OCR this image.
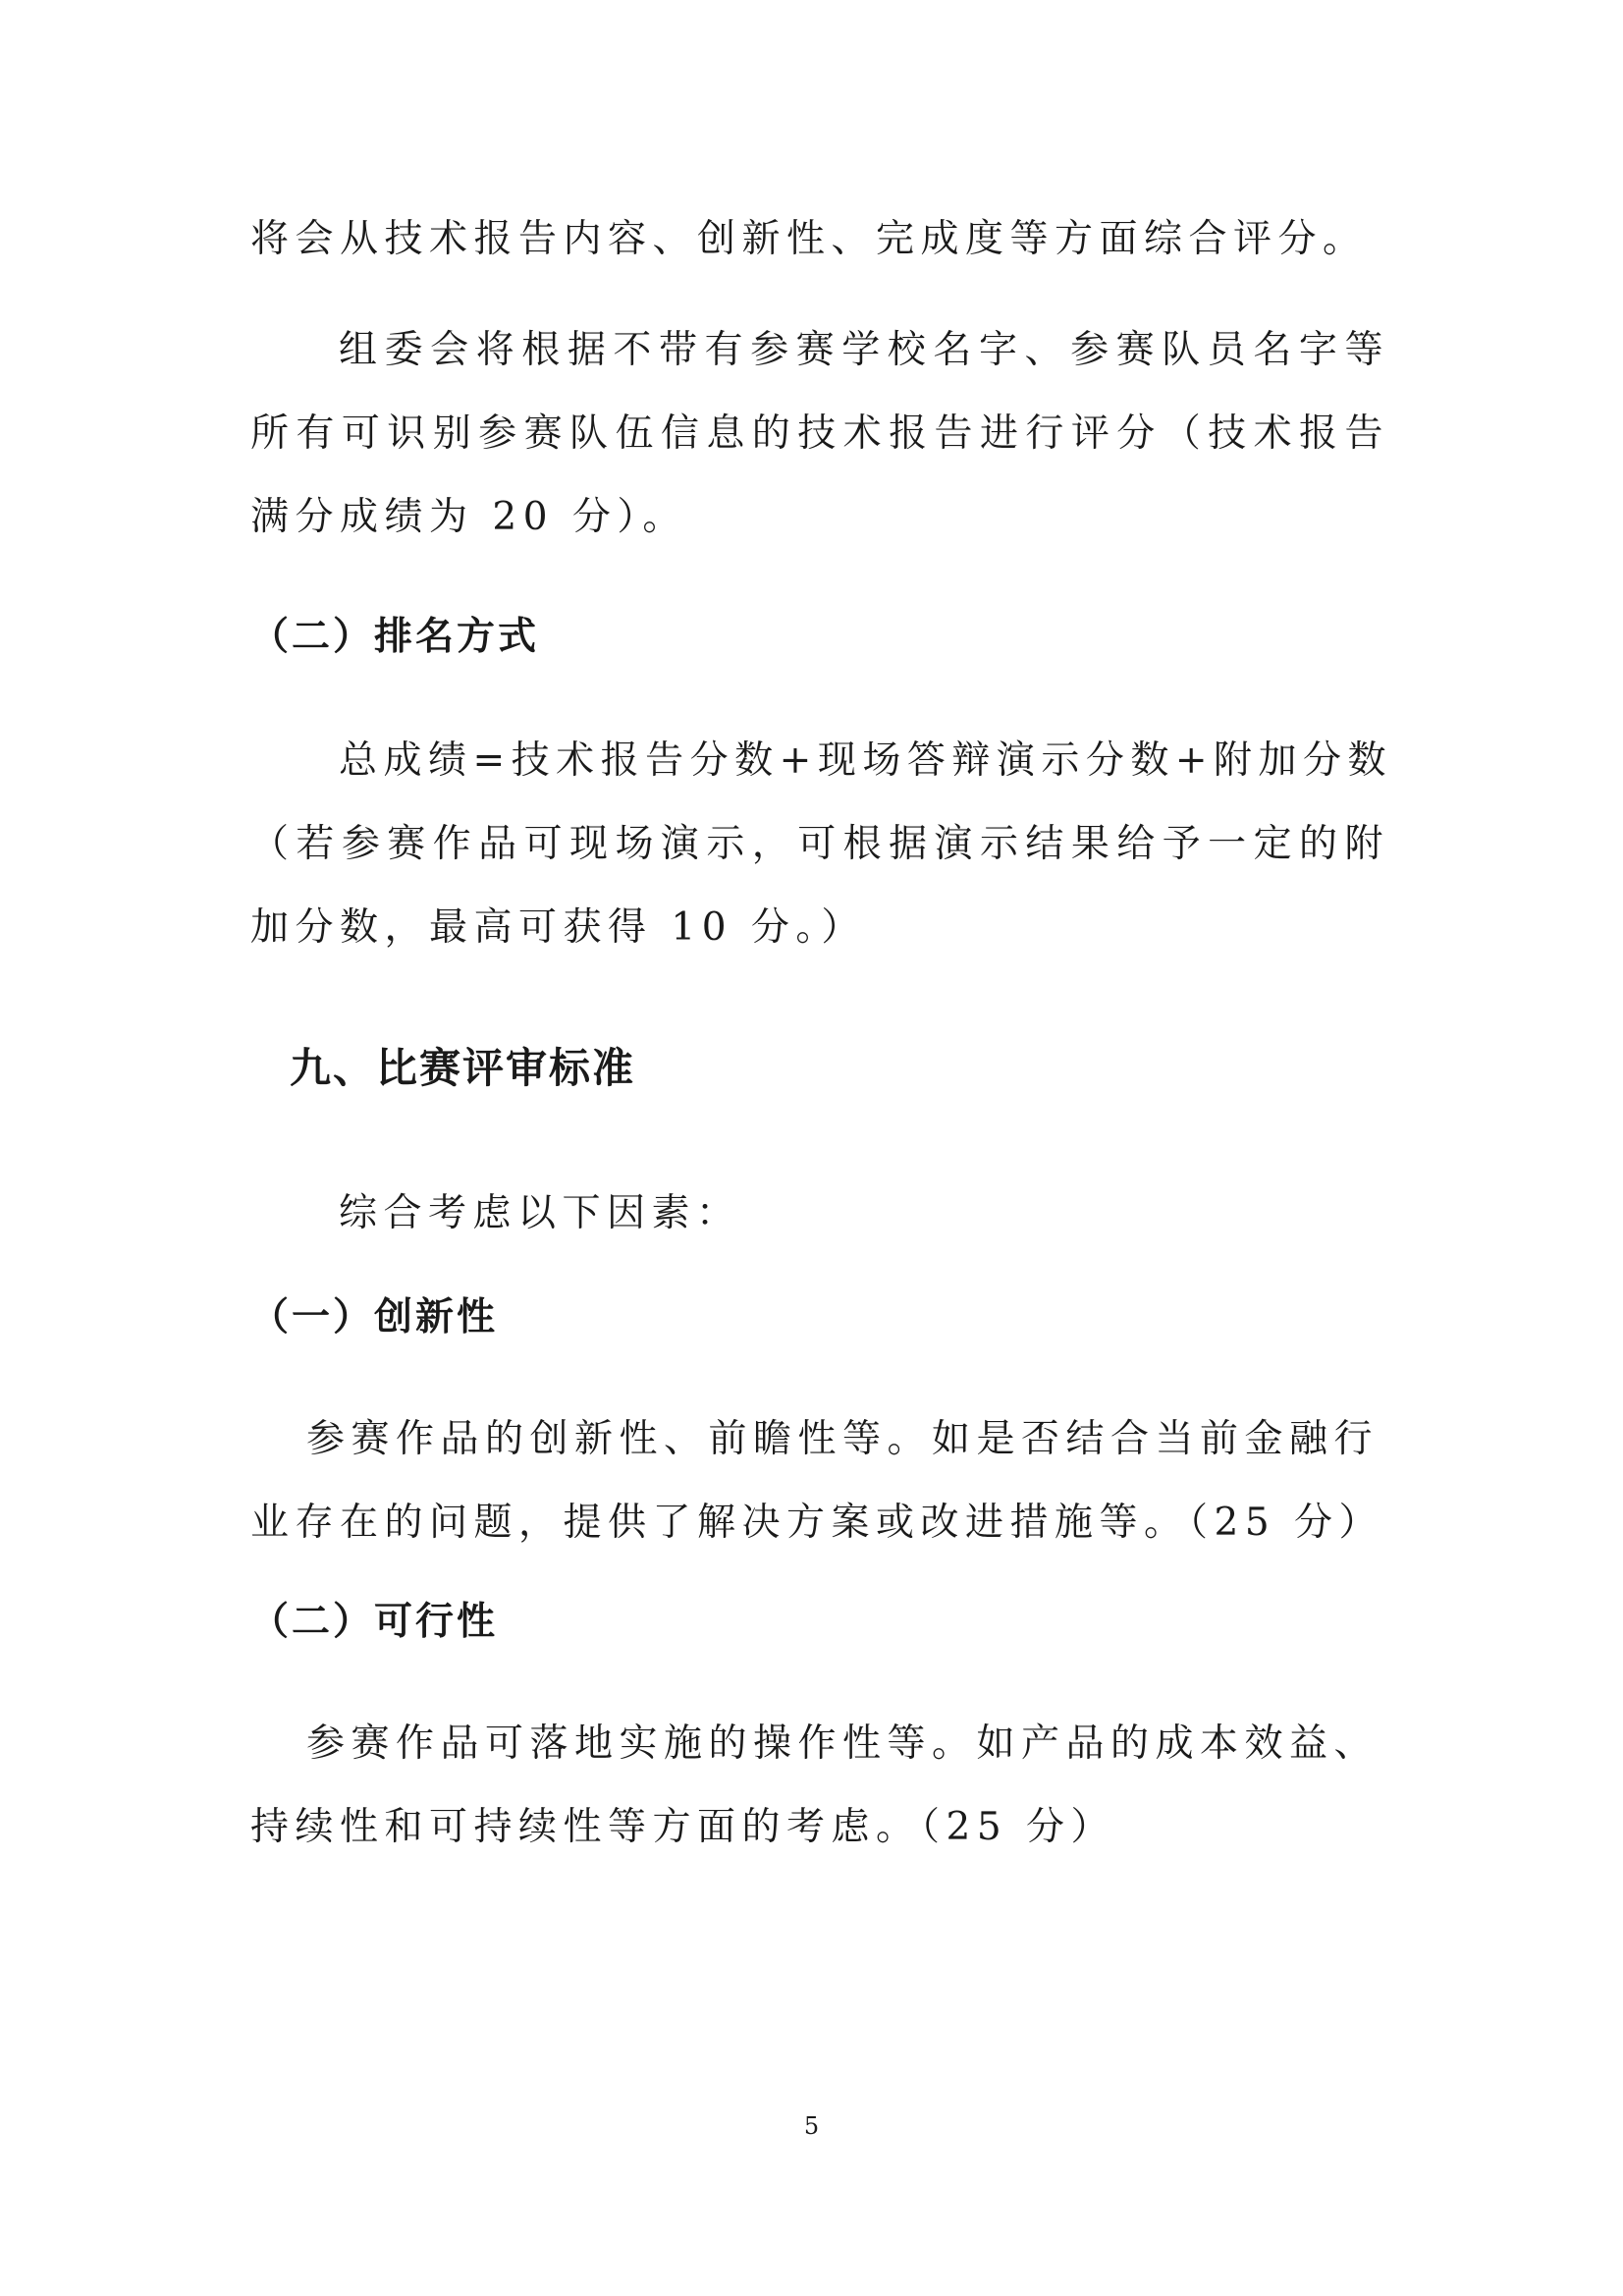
将会从技术报告内容、创新性、完成度等方面综合评分。
组委会将根据不带有参赛学校名字、参赛队员名字等
所有可识别参赛队伍信息的技术报告进行评分（技术报告
满分成绩为 20 分）。
（二）排名方式
总成绩=技术报告分数+现场答辩演示分数+附加分数
（若参赛作品可现场演示，可根据演示结果给予一定的附
加分数，最高可获得 10 分。）
九、比赛评审标准
综合考虑以下因素：
（一）创新性
参赛作品的创新性、前瞻性等。如是否结合当前金融行
业存在的问题，提供了解决方案或改进措施等。（25 分）
（二）可行性
参赛作品可落地实施的操作性等。如产品的成本效益、
持续性和可持续性等方面的考虑。（25 分）
5
